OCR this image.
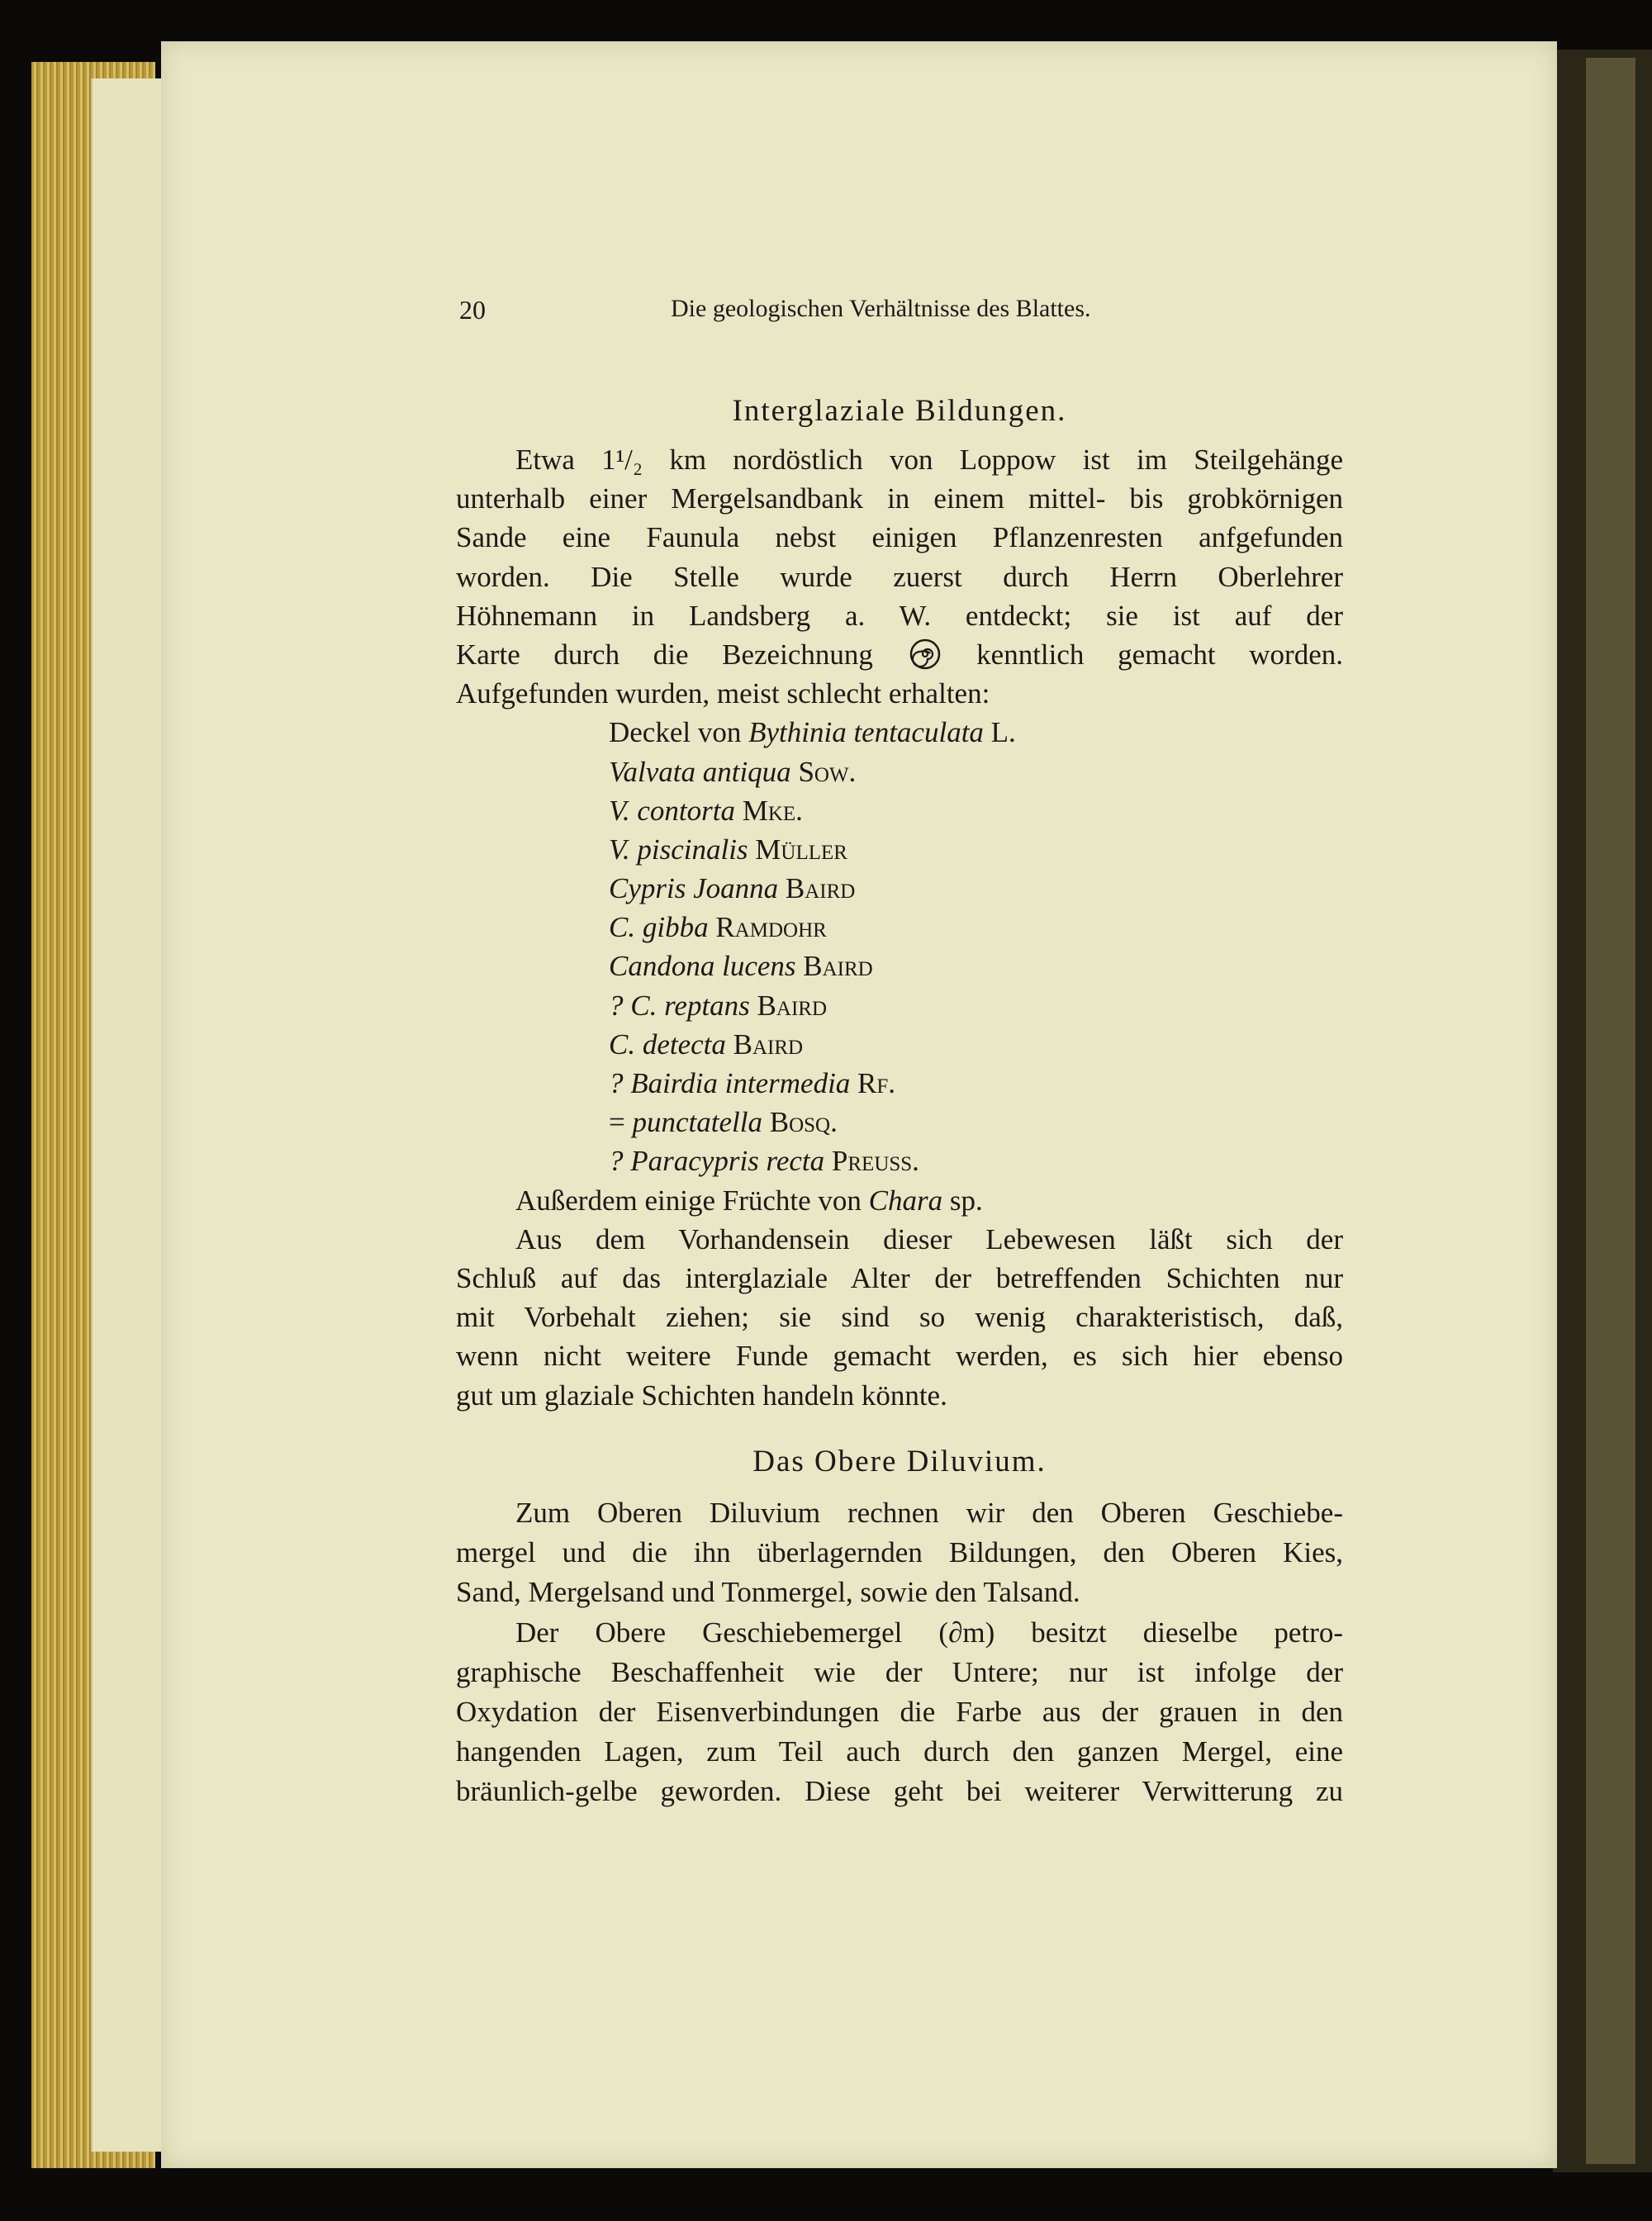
20	Die geologischen Verhältnisse des Blattes.
Interglaziale Bildungen.
Etwa 1¹/₂ km nordöstlich von Loppow ist im Steilgehänge
unterhalb einer Mergelsandbank in einem mittel- bis grobkörnigen
Sande eine Faunula nebst einigen Pflanzenresten anfgefunden
worden. Die Stelle wurde zuerst durch Herrn Oberlehrer
Höhnemann in Landsberg a. W. entdeckt; sie ist auf der
Karte durch die Bezeichnung	kenntlich gemacht worden.
Aufgefunden wurden, meist schlecht erhalten:
Deckel von Bythinia tentaculata L.
Valvata antiqua Sow.
V. contorta Mke.
V. piscinalis Müller
Cypris Joanna Baird
C. gibba Ramdohr
Candona lucens Baird
? C. reptans Baird
C. detecta Baird
? Bairdia intermedia Rf.
= punctatella Bosq.
? Paracypris recta Preuss.
Außerdem einige Früchte von Chara sp.
Aus dem Vorhandensein dieser Lebewesen läßt sich der
Schluß auf das interglaziale Alter der betreffenden Schichten nur
mit Vorbehalt ziehen; sie sind so wenig charakteristisch, daß,
wenn nicht weitere Funde gemacht werden, es sich hier ebenso
gut um glaziale Schichten handeln könnte.
Das Obere Diluvium.
Zum Oberen Diluvium rechnen wir den Oberen Geschiebe-
mergel und die ihn überlagernden Bildungen, den Oberen Kies,
Sand, Mergelsand und Tonmergel, sowie den Talsand.
Der Obere Geschiebemergel (∂m) besitzt dieselbe petro-
graphische Beschaffenheit wie der Untere; nur ist infolge der
Oxydation der Eisenverbindungen die Farbe aus der grauen in den
hangenden Lagen, zum Teil auch durch den ganzen Mergel, eine
bräunlich-gelbe geworden. Diese geht bei weiterer Verwitterung zu
